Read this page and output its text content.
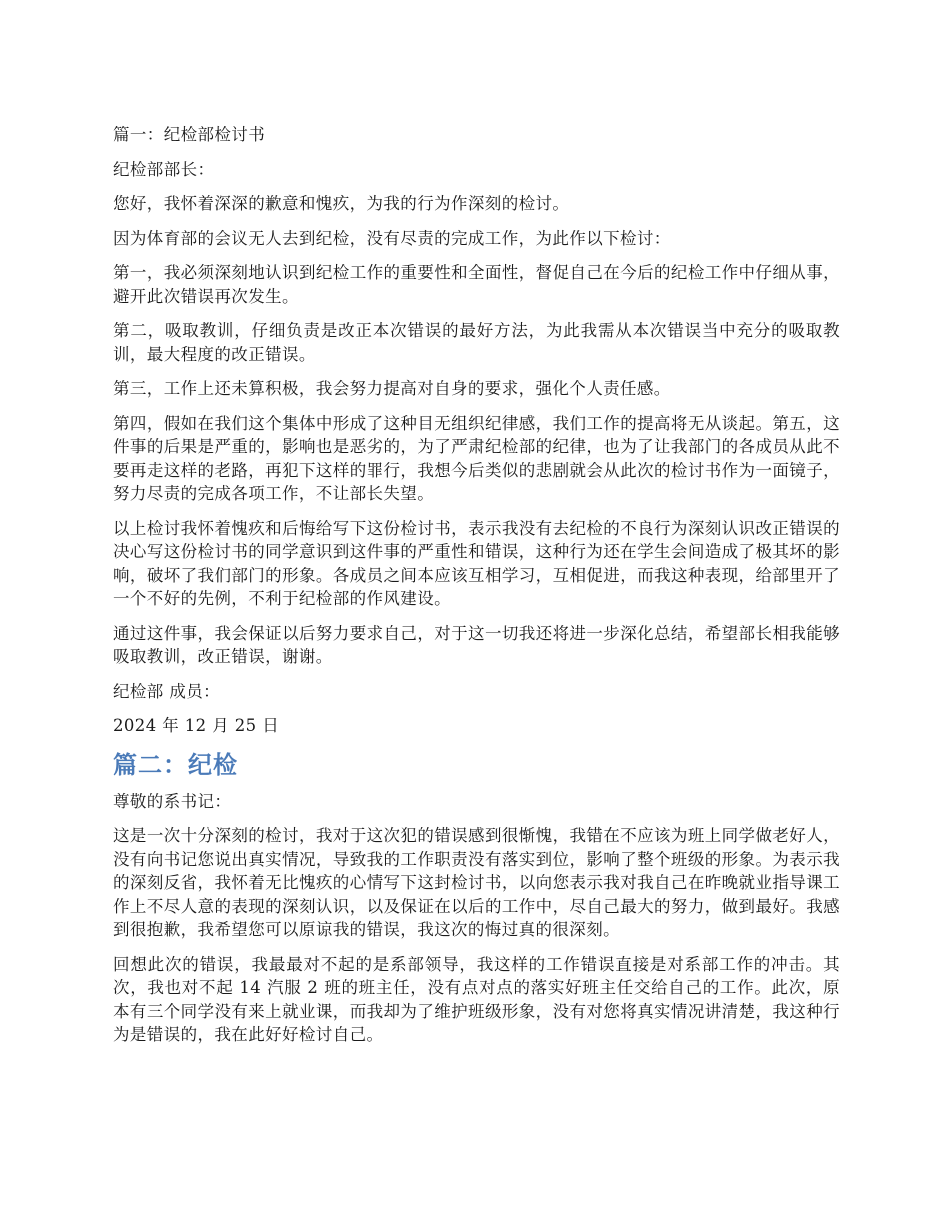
篇一：纪检部检讨书

纪检部部长：

您好，我怀着深深的歉意和愧疚，为我的行为作深刻的检讨。

因为体育部的会议无人去到纪检，没有尽责的完成工作，为此作以下检讨：

第一，我必须深刻地认识到纪检工作的重要性和全面性，督促自己在今后的纪检工作中仔细从事，避开此次错误再次发生。

第二，吸取教训，仔细负责是改正本次错误的最好方法，为此我需从本次错误当中充分的吸取教训，最大程度的改正错误。

第三，工作上还未算积极，我会努力提高对自身的要求，强化个人责任感。

第四，假如在我们这个集体中形成了这种目无组织纪律感，我们工作的提高将无从谈起。第五，这件事的后果是严重的，影响也是恶劣的，为了严肃纪检部的纪律，也为了让我部门的各成员从此不要再走这样的老路，再犯下这样的罪行，我想今后类似的悲剧就会从此次的检讨书作为一面镜子，努力尽责的完成各项工作，不让部长失望。

以上检讨我怀着愧疚和后悔给写下这份检讨书，表示我没有去纪检的不良行为深刻认识改正错误的决心写这份检讨书的同学意识到这件事的严重性和错误，这种行为还在学生会间造成了极其坏的影响，破坏了我们部门的形象。各成员之间本应该互相学习，互相促进，而我这种表现，给部里开了一个不好的先例，不利于纪检部的作风建设。

通过这件事，我会保证以后努力要求自己，对于这一切我还将进一步深化总结，希望部长相我能够吸取教训，改正错误，谢谢。

纪检部 成员：

2024 年 12 月 25 日

篇二：纪检

尊敬的系书记：

这是一次十分深刻的检讨，我对于这次犯的错误感到很惭愧，我错在不应该为班上同学做老好人，没有向书记您说出真实情况，导致我的工作职责没有落实到位，影响了整个班级的形象。为表示我的深刻反省，我怀着无比愧疚的心情写下这封检讨书，以向您表示我对我自己在昨晚就业指导课工作上不尽人意的表现的深刻认识，以及保证在以后的工作中，尽自己最大的努力，做到最好。我感到很抱歉，我希望您可以原谅我的错误，我这次的悔过真的很深刻。

回想此次的错误，我最最对不起的是系部领导，我这样的工作错误直接是对系部工作的冲击。其次，我也对不起 14 汽服 2 班的班主任，没有点对点的落实好班主任交给自己的工作。此次，原本有三个同学没有来上就业课，而我却为了维护班级形象，没有对您将真实情况讲清楚，我这种行为是错误的，我在此好好检讨自己。
